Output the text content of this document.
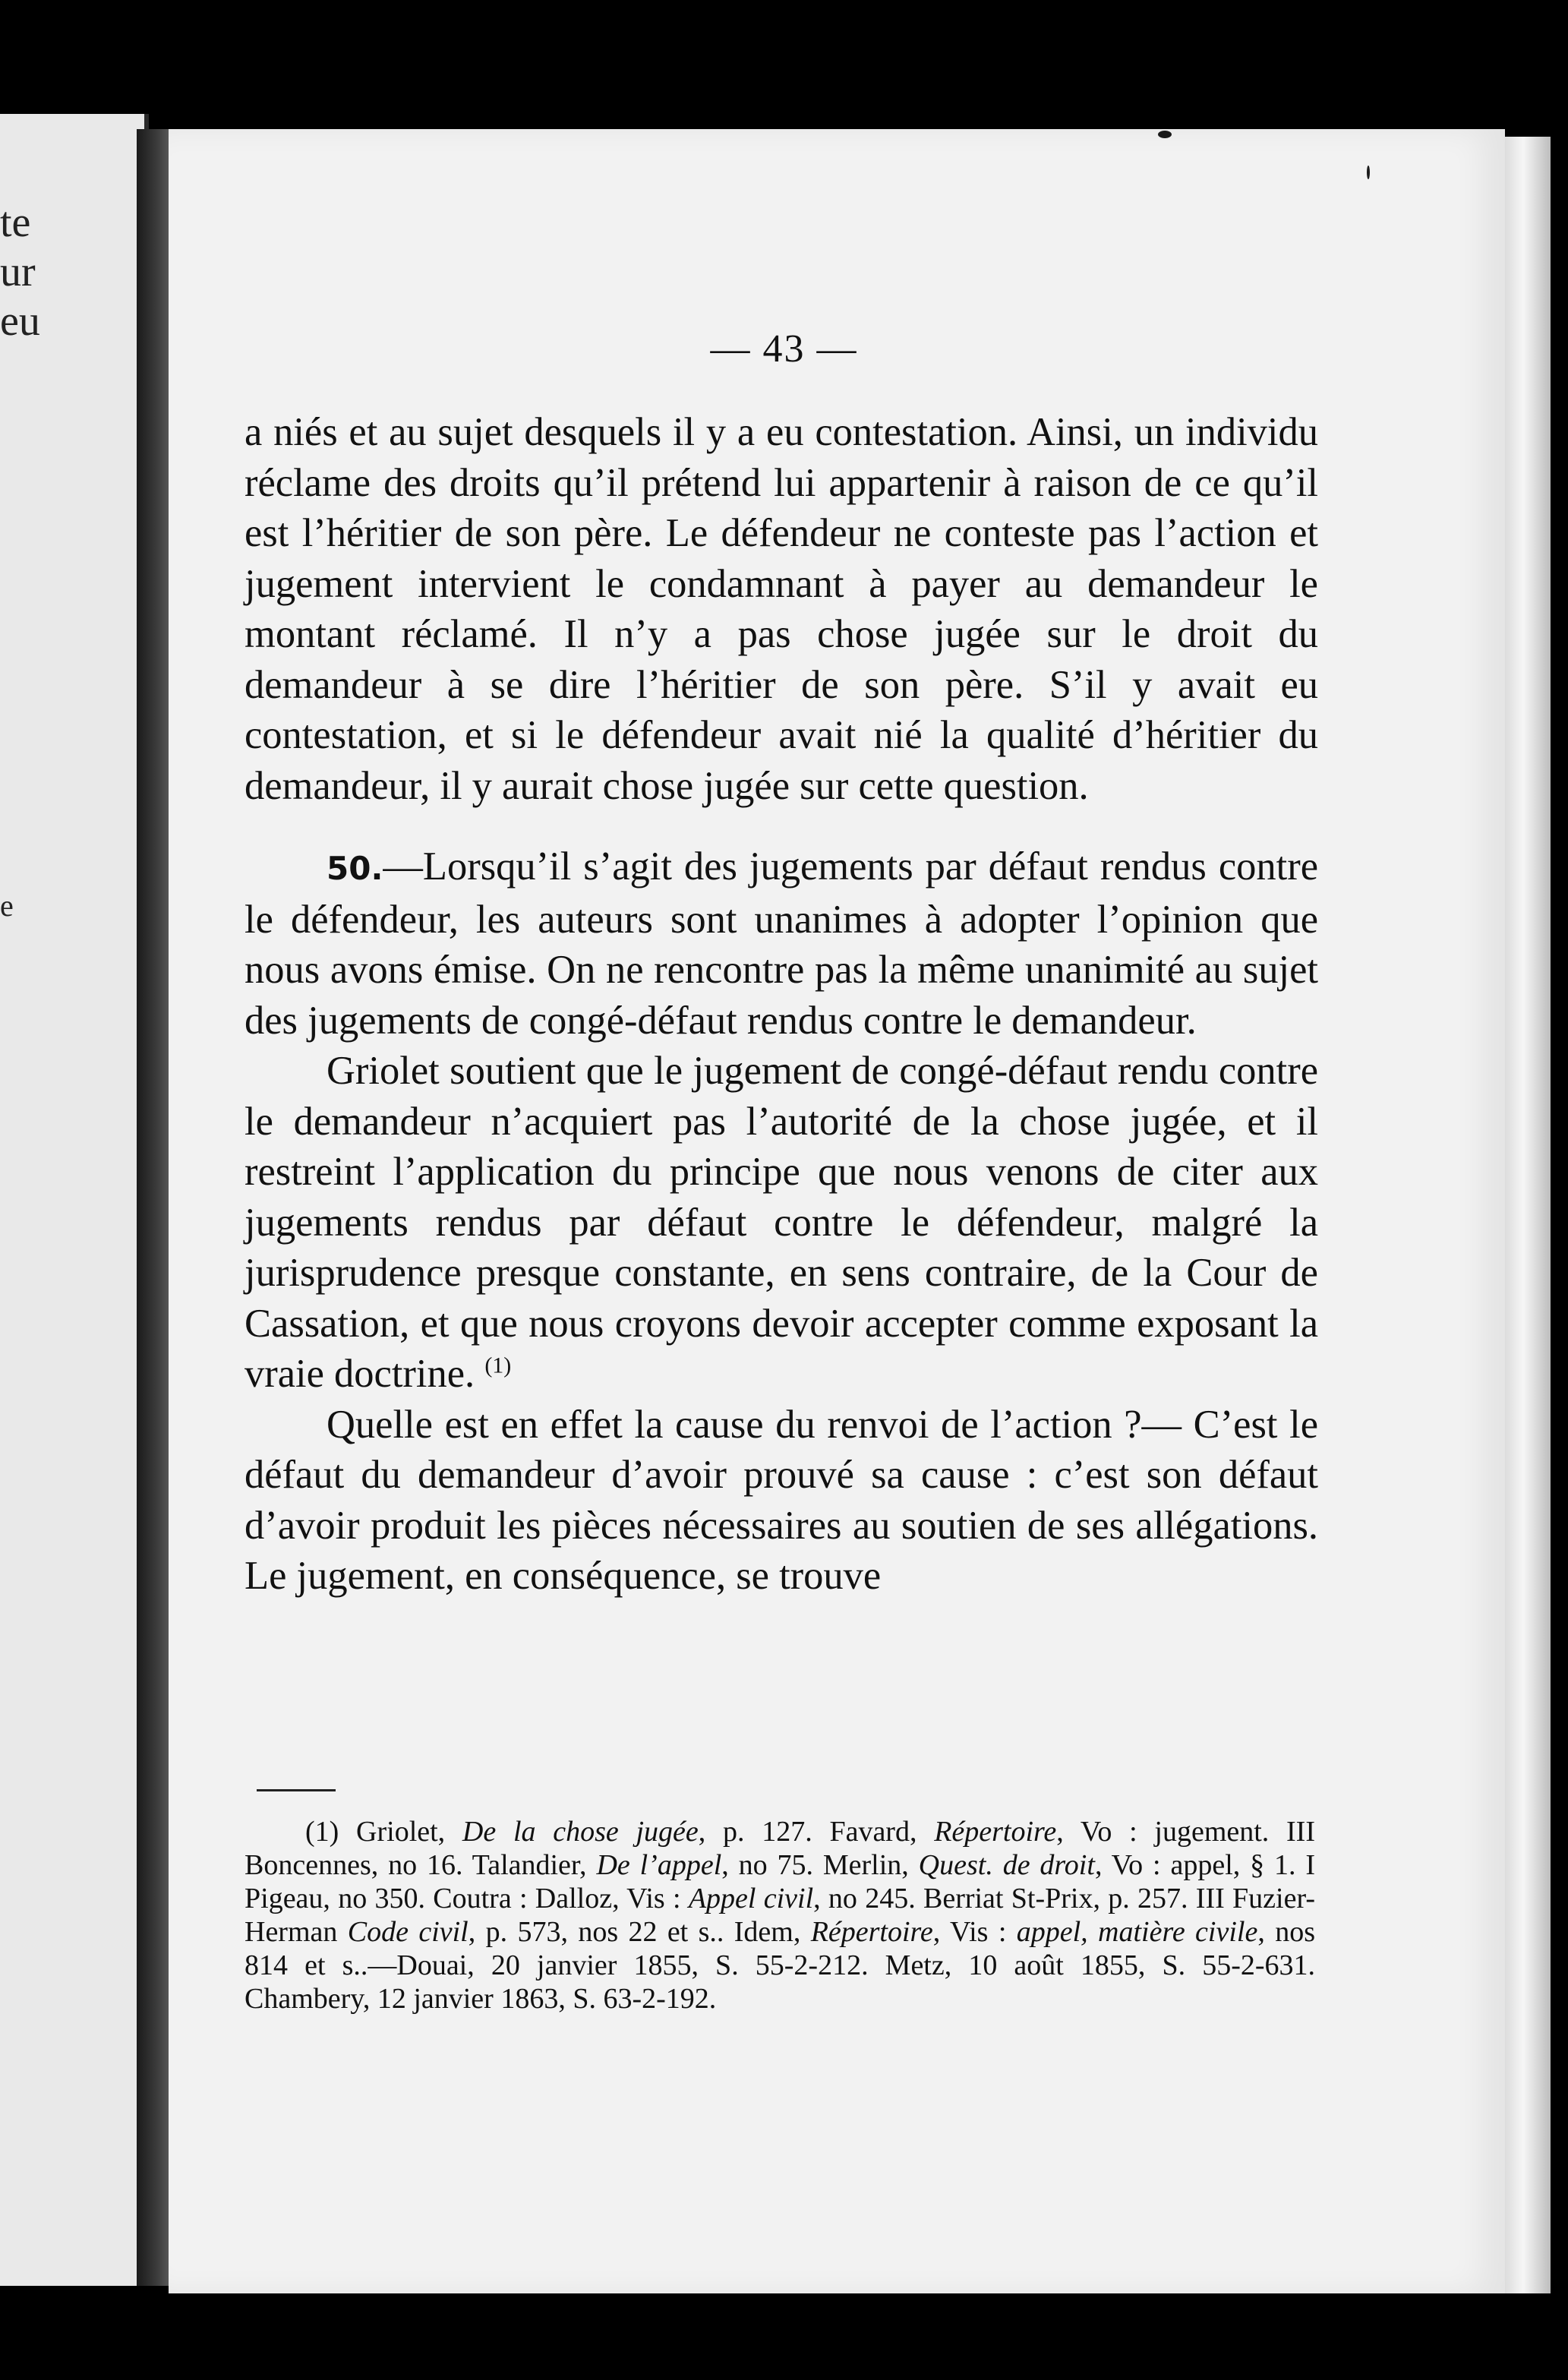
te
ur
eu
e
— 43 —

a niés et au sujet desquels il y a eu contestation. Ainsi, un individu réclame des droits qu’il prétend lui appartenir à raison de ce qu’il est l’héritier de son père. Le défendeur ne conteste pas l’action et jugement intervient le condamnant à payer au demandeur le montant réclamé. Il n’y a pas chose jugée sur le droit du demandeur à se dire l’héritier de son père. S’il y avait eu contestation, et si le défendeur avait nié la qualité d’héritier du demandeur, il y aurait chose jugée sur cette question.

50.—Lorsqu’il s’agit des jugements par défaut rendus contre le défendeur, les auteurs sont unanimes à adopter l’opinion que nous avons émise. On ne rencontre pas la même unanimité au sujet des jugements de congé-défaut rendus contre le demandeur.

Griolet soutient que le jugement de congé-défaut rendu contre le demandeur n’acquiert pas l’autorité de la chose jugée, et il restreint l’application du principe que nous venons de citer aux jugements rendus par défaut contre le défendeur, malgré la jurisprudence presque constante, en sens contraire, de la Cour de Cassation, et que nous croyons devoir accepter comme exposant la vraie doctrine. $^{(1)}$

Quelle est en effet la cause du renvoi de l’action ?— C’est le défaut du demandeur d’avoir prouvé sa cause : c’est son défaut d’avoir produit les pièces nécessaires au soutien de ses allégations. Le jugement, en conséquence, se trouve

(1) Griolet, De la chose jugée, p. 127. Favard, Répertoire, Vo : jugement. III Boncennes, no 16. Talandier, De l’appel, no 75. Merlin, Quest. de droit, Vo : appel, § 1. I Pigeau, no 350. Coutra : Dalloz, Vis : Appel civil, no 245. Berriat St-Prix, p. 257. III Fuzier-Herman Code civil, p. 573, nos 22 et s.. Idem, Répertoire, Vis : appel, matière civile, nos 814 et s..—Douai, 20 janvier 1855, S. 55-2-212. Metz, 10 août 1855, S. 55-2-631. Chambery, 12 janvier 1863, S. 63-2-192.
